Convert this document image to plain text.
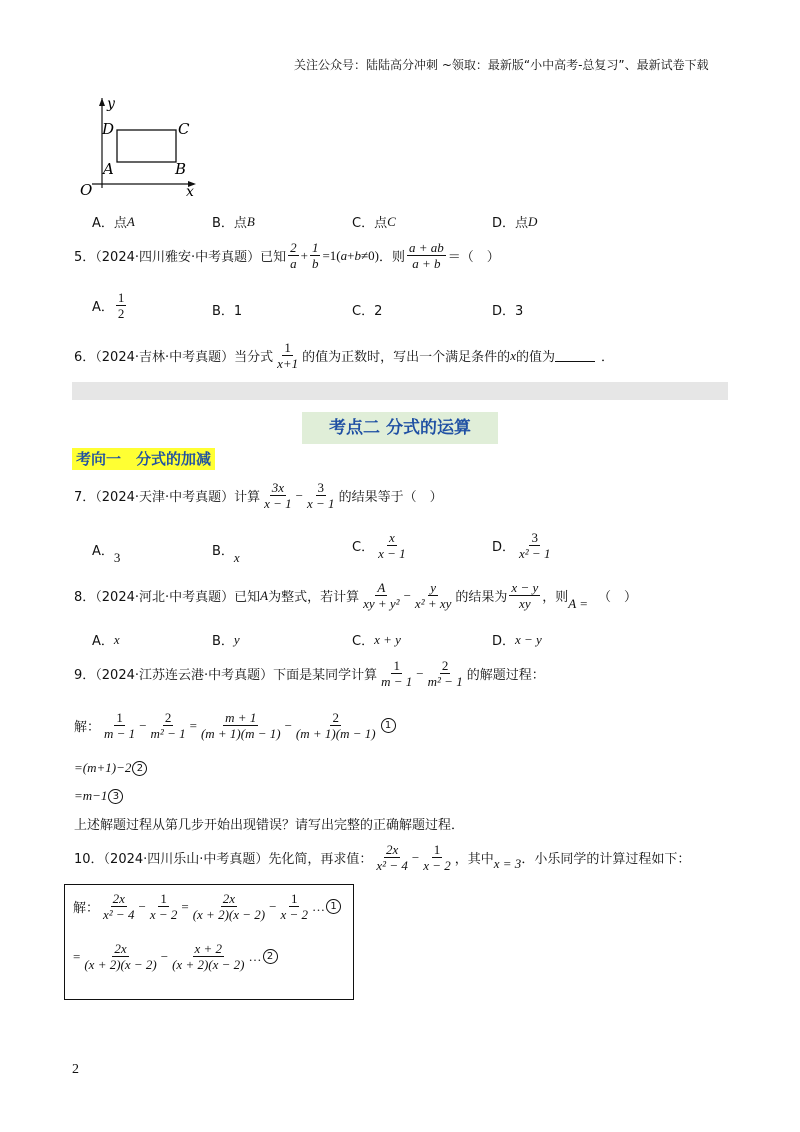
关注公众号：陆陆高分冲刺 ~领取：最新版“小中高考-总复习”、最新试卷下载
y
x
O
A	B
C
D
A．点 A	B．点 B	C．点 C	D．点 D
5．（2024·四川雅安·中考真题）已知 $\frac{2}{a} + \frac{1}{b} =1$( a + b ≠0) ．则 $\frac{a + ab}{a + b}$ ＝（　）
A． $\frac{1}{2}$	B．1	C．2	D．3
6．（2024·吉林·中考真题）当分式 $\frac{1}{x+1}$ 的值为正数时，写出一个满足条件的 x 的值为	．
考点二 分式的运算
考向一　分式的加减
7．（2024·天津·中考真题）计算 $\frac{3x}{x - 1} - \frac{3}{x - 1}$ 的结果等于（　）
A． 3	B． x
C． $\frac{x}{x - 1}$	D． $\frac{3}{\text{x² − 1}}$
8．（2024·河北·中考真题）已知 A 为整式，若计算 $\frac{A}{\text{xy + y²}} - \frac{y}{\text{x² + xy}}$ 的结果为 $\frac{x - y}{xy}$ ，则 A = （　）
A． x	B． y	C． x + y	D． x − y
9．（2024·江苏连云港·中考真题）下面是某同学计算 $\frac{1}{m - 1} - \frac{2}{\text{m² − 1}}$ 的解题过程：
解： $\frac{1}{m - 1} - \frac{2}{\text{m² − 1}} = \frac{m + 1}{(m + 1)(m - 1)} - \frac{2}{(m + 1)(m - 1)} 1$
=(m+1)−2 2
=m−1 3
上述解题过程从第几步开始出现错误？请写出完整的正确解题过程．
10．（2024·四川乐山·中考真题）先化简，再求值： $\frac{2x}{\text{x² − 4}} - \frac{1}{x - 2}$ ，其中 x = 3 ．小乐同学的计算过程如下：
解： $\frac{2x}{\text{x² − 4}} - \frac{1}{x - 2} = \frac{2x}{(x + 2)(x - 2)} - \frac{1}{x - 2}$ … 1
= $\frac{2x}{(x + 2)(x - 2)} - \frac{x + 2}{(x + 2)(x - 2)}$ … 2
2
